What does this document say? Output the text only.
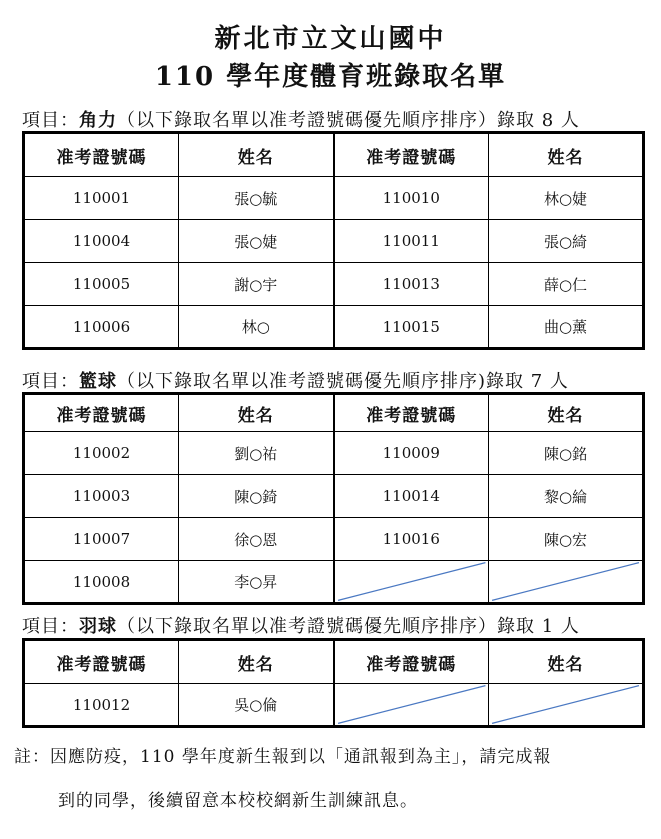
新北市立文山國中
110 學年度體育班錄取名單
項目：角力（以下錄取名單以准考證號碼優先順序排序）錄取 8 人
准考證號碼	姓名	准考證號碼	姓名
110001	張○毓	110010	林○婕
110004	張○婕	110011	張○綺
110005	謝○宇	110013	薛○仁
110006	林○	110015	曲○薰
項目：籃球（以下錄取名單以准考證號碼優先順序排序)錄取 7 人
准考證號碼	姓名	准考證號碼	姓名
110002	劉○祐	110009	陳○銘
110003	陳○錡	110014	黎○綸
110007	徐○恩	110016	陳○宏
110008	李○昇	

項目：羽球（以下錄取名單以准考證號碼優先順序排序）錄取 1 人
准考證號碼	姓名	准考證號碼	姓名
110012	吳○倫	

註：因應防疫，110 學年度新生報到以「通訊報到為主」，請完成報
到的同學，後續留意本校校網新生訓練訊息。
